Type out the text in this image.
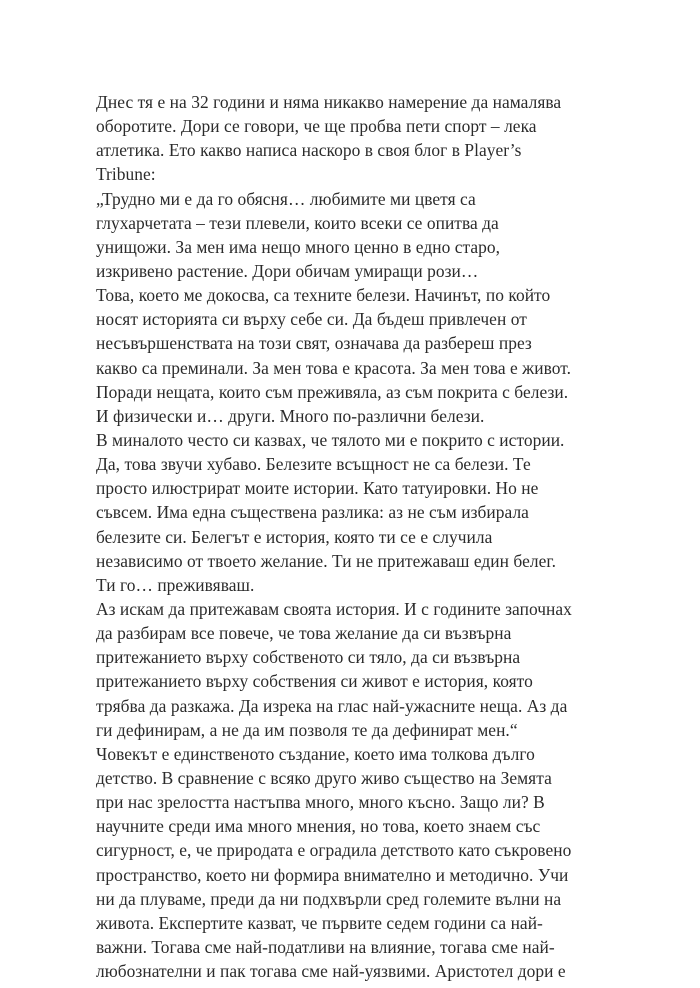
Днес тя е на 32 години и няма никакво намерение да намалява
оборотите. Дори се говори, че ще пробва пети спорт – лека
атлетика. Ето какво написа наскоро в своя блог в Player’s
Tribune:
„Трудно ми е да го обясня… любимите ми цветя са
глухарчетата – тези плевели, които всеки се опитва да
унищожи. За мен има нещо много ценно в едно старо,
изкривено растение. Дори обичам умиращи рози…
Това, което ме докосва, са техните белези. Начинът, по който
носят историята си върху себе си. Да бъдеш привлечен от
несъвършенствата на този свят, означава да разбереш през
какво са преминали. За мен това е красота. За мен това е живот.
Поради нещата, които съм преживяла, аз съм покрита с белези.
И физически и… други. Много по-различни белези.
В миналото често си казвах, че тялото ми е покрито с истории.
Да, това звучи хубаво. Белезите всъщност не са белези. Те
просто илюстрират моите истории. Като татуировки. Но не
съвсем. Има една съществена разлика: аз не съм избирала
белезите си. Белегът е история, която ти се е случила
независимо от твоето желание. Ти не притежаваш един белег.
Ти го… преживяваш.
Аз искам да притежавам своята история. И с годините започнах
да разбирам все повече, че това желание да си възвърна
притежанието върху собственото си тяло, да си възвърна
притежанието върху собствения си живот е история, която
трябва да разкажа. Да изрека на глас най-ужасните неща. Аз да
ги дефинирам, а не да им позволя те да дефинират мен.“
Човекът е единственото създание, което има толкова дълго
детство. В сравнение с всяко друго живо същество на Земята
при нас зрелостта настъпва много, много късно. Защо ли? В
научните среди има много мнения, но това, което знаем със
сигурност, е, че природата е оградила детството като съкровено
пространство, което ни формира внимателно и методично. Учи
ни да плуваме, преди да ни подхвърли сред големите вълни на
живота. Експертите казват, че първите седем години са най-
важни. Тогава сме най-податливи на влияние, тогава сме най-
любознателни и пак тогава сме най-уязвими. Аристотел дори е
